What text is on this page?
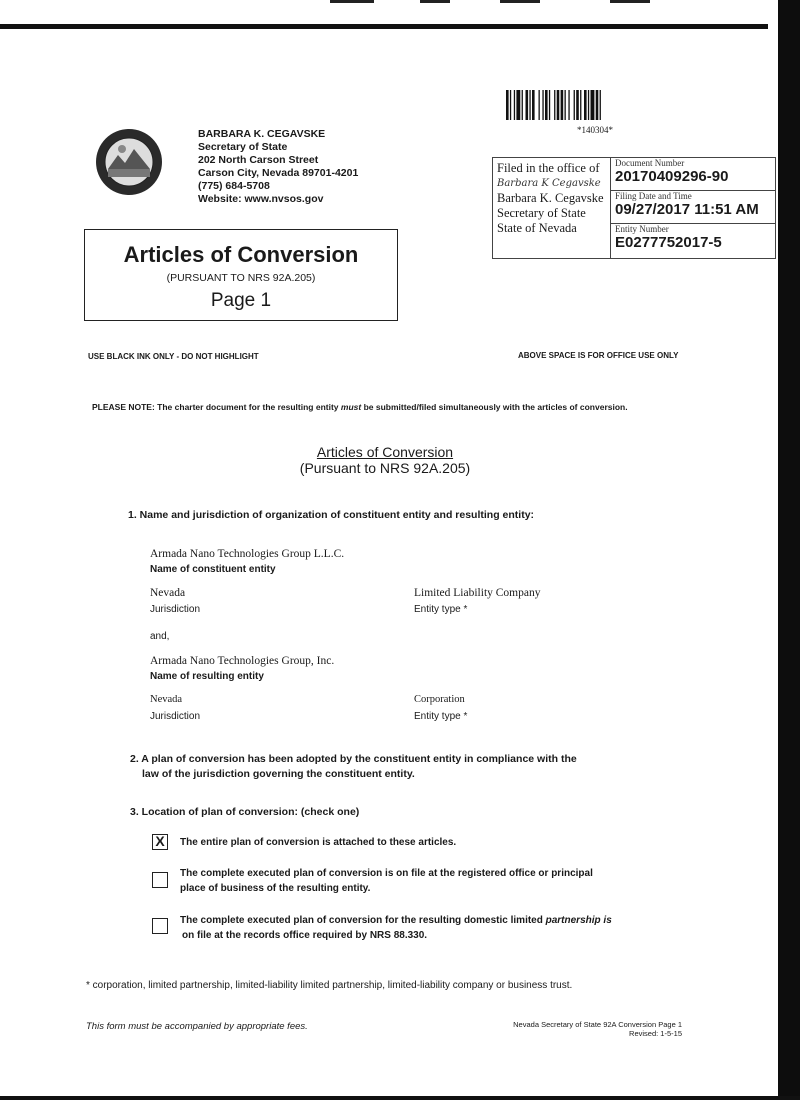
*140304*
BARBARA K. CEGAVSKE
Secretary of State
202 North Carson Street
Carson City, Nevada 89701-4201
(775) 684-5708
Website: www.nvsos.gov
Filed in the office of
Barbara K Cegavske
Barbara K. Cegavske
Secretary of State
State of Nevada
Document Number
20170409296-90
Filing Date and Time
09/27/2017 11:51 AM
Entity Number
E0277752017-5
Articles of Conversion
(PURSUANT TO NRS 92A.205)
Page 1
USE BLACK INK ONLY - DO NOT HIGHLIGHT	ABOVE SPACE IS FOR OFFICE USE ONLY
PLEASE NOTE: The charter document for the resulting entity must be submitted/filed simultaneously with the articles of conversion.
Articles of Conversion
(Pursuant to NRS 92A.205)
1. Name and jurisdiction of organization of constituent entity and resulting entity:
Armada Nano Technologies Group L.L.C.
Name of constituent entity
Nevada
Jurisdiction
Limited Liability Company
Entity type *
and,
Armada Nano Technologies Group, Inc.
Name of resulting entity
Nevada
Jurisdiction
Corporation
Entity type *
2. A plan of conversion has been adopted by the constituent entity in compliance with the
law of the jurisdiction governing the constituent entity.
3. Location of plan of conversion: (check one)
X	The entire plan of conversion is attached to these articles.
The complete executed plan of conversion is on file at the registered office or principal
place of business of the resulting entity.
The complete executed plan of conversion for the resulting domestic limited partnership is
on file at the records office required by NRS 88.330.
* corporation, limited partnership, limited-liability limited partnership, limited-liability company or business trust.
This form must be accompanied by appropriate fees.	Nevada Secretary of State 92A Conversion Page 1
Revised: 1-5-15
